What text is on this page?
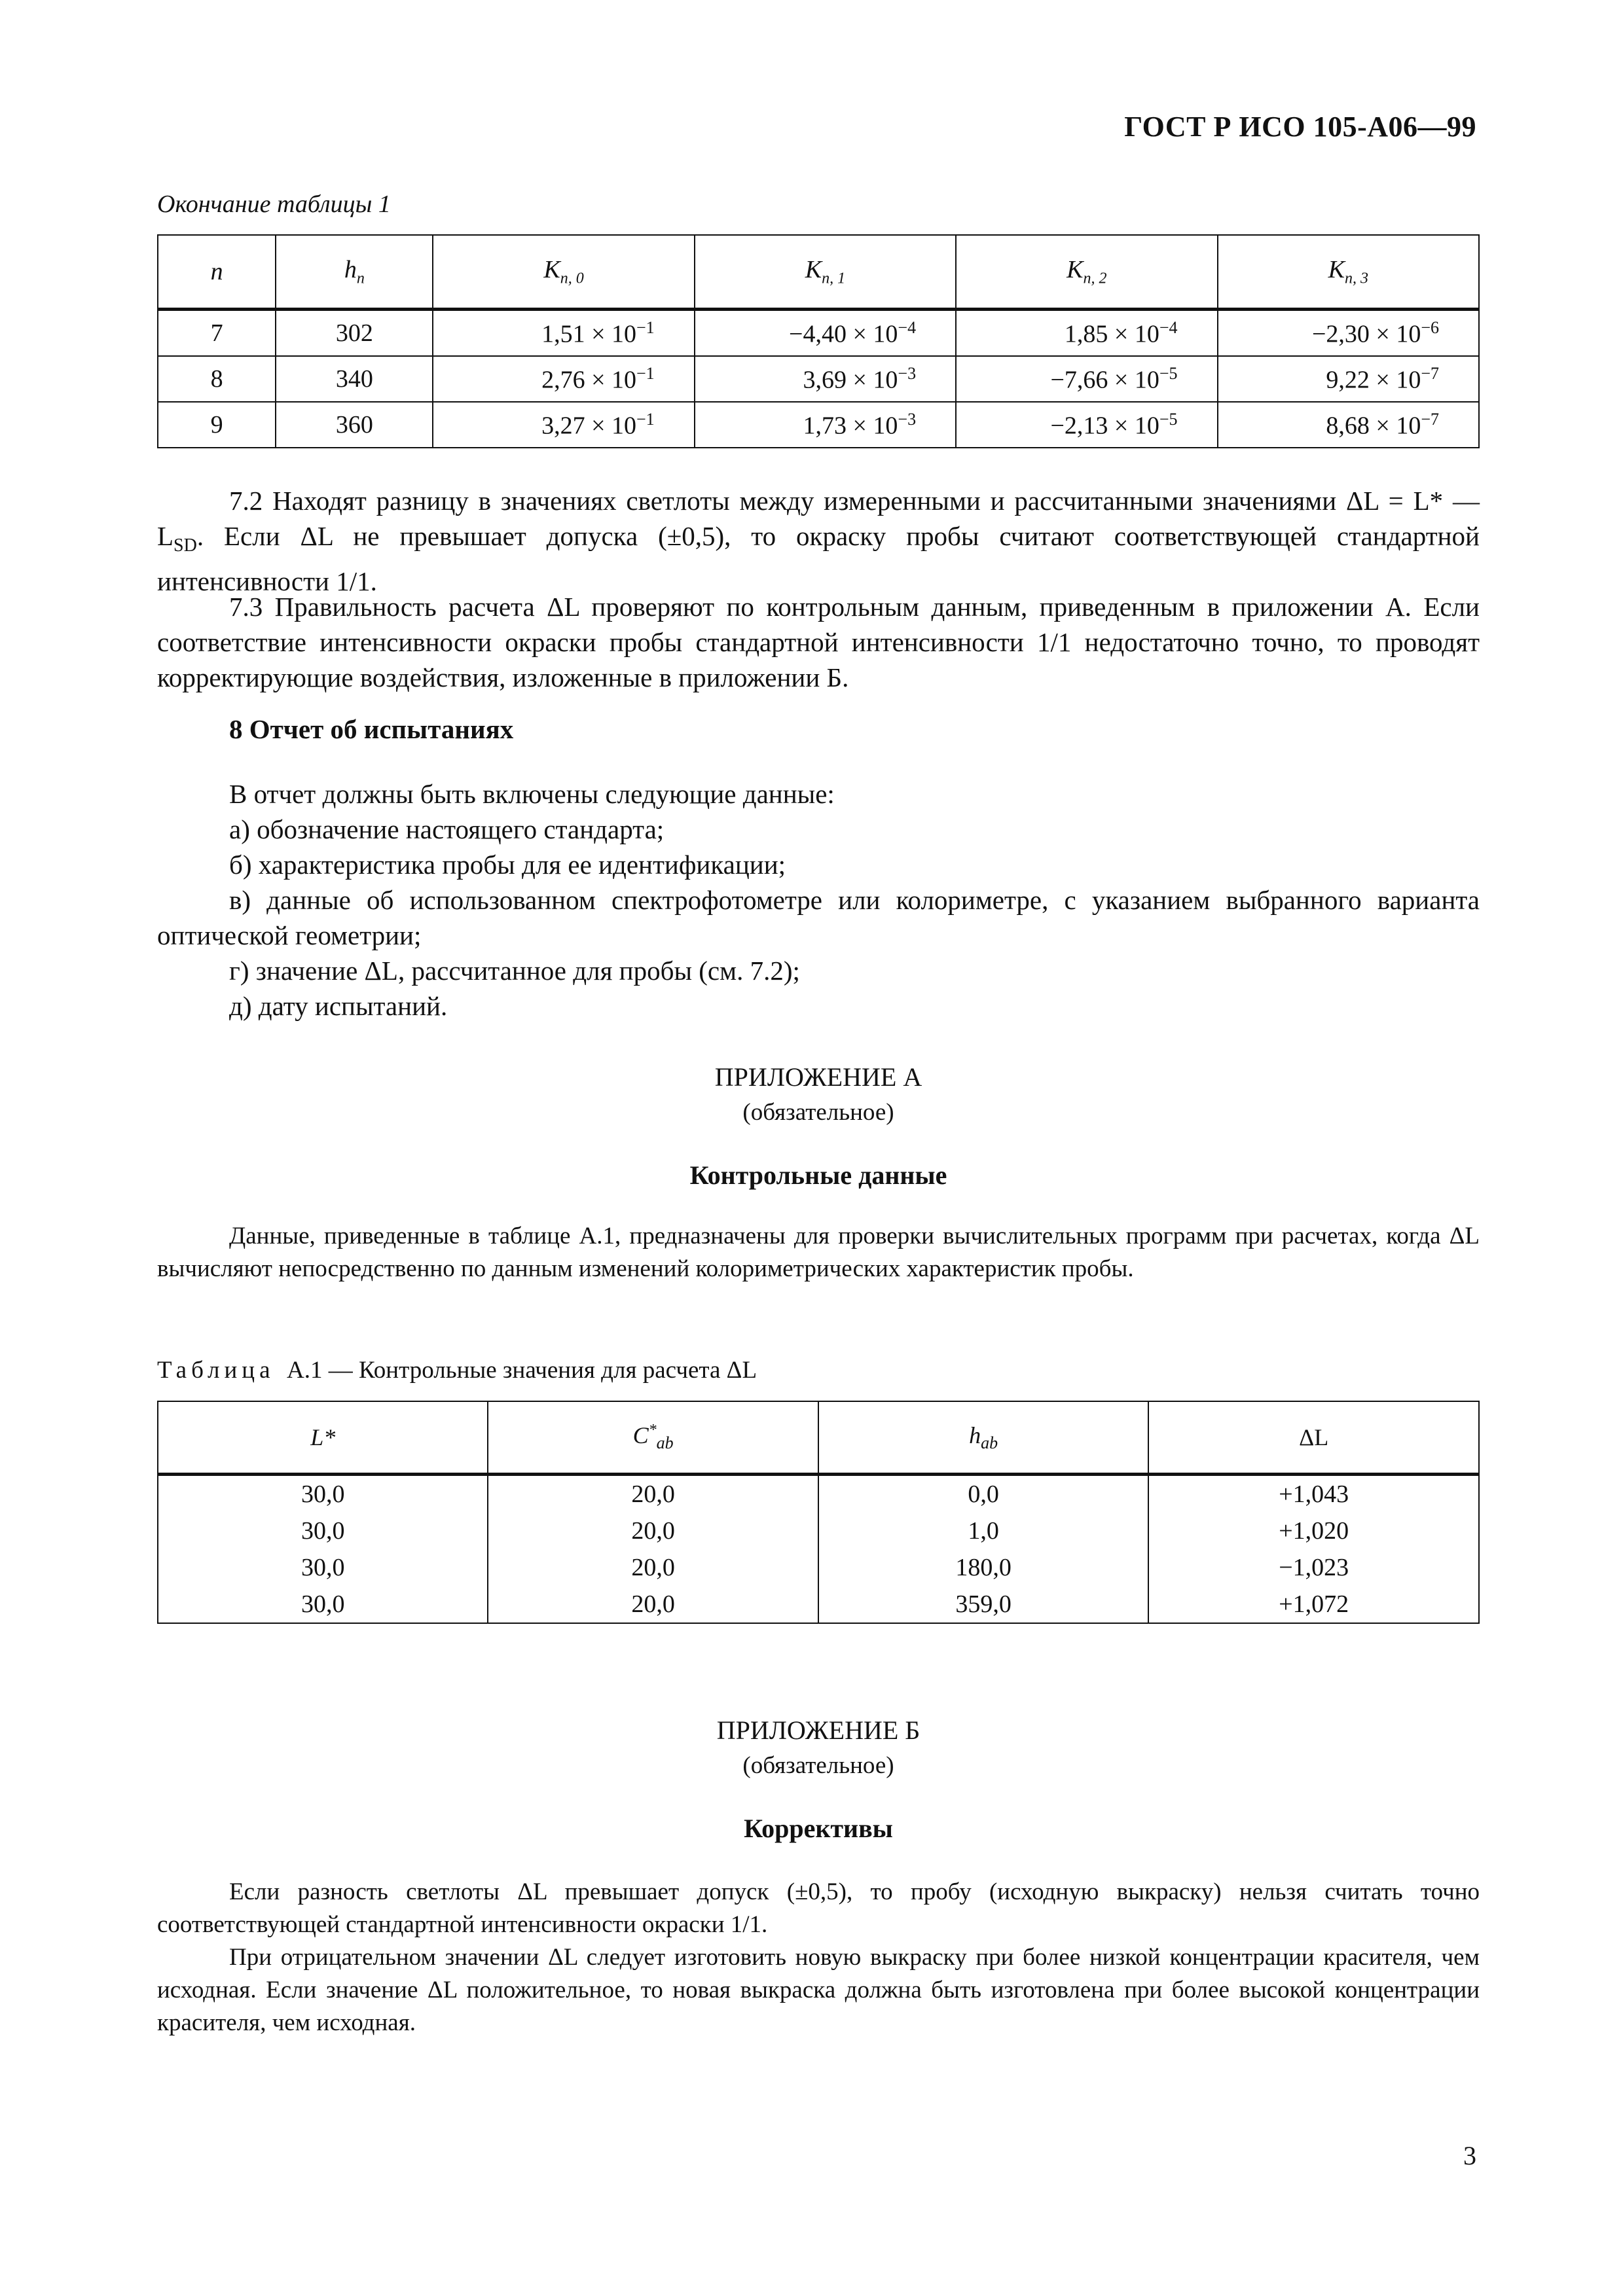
ГОСТ Р ИСО 105-А06—99
Окончание таблицы 1
n	$h_n$	$K_{n, 0}$	$K_{n, 1}$	$K_{n, 2}$	$K_{n, 3}$
7	302	$1,51 \times 10^{-1}$	$-4,40 \times 10^{-4}$	$1,85 \times 10^{-4}$	$-2,30 \times 10^{-6}$
8	340	$2,76 \times 10^{-1}$	$3,69 \times 10^{-3}$	$-7,66 \times 10^{-5}$	$9,22 \times 10^{-7}$
9	360	$3,27 \times 10^{-1}$	$1,73 \times 10^{-3}$	$-2,13 \times 10^{-5}$	$8,68 \times 10^{-7}$
7.2 Находят разницу в значениях светлоты между измеренными и рассчитанными значениями ΔL = L* — $L_{SD}$. Если ΔL не превышает допуска (±0,5), то окраску пробы считают соответствующей стандартной интенсивности 1/1.
7.3 Правильность расчета ΔL проверяют по контрольным данным, приведенным в приложении А. Если соответствие интенсивности окраски пробы стандартной интенсивности 1/1 недостаточно точно, то проводят корректирующие воздействия, изложенные в приложении Б.
8 Отчет об испытаниях
В отчет должны быть включены следующие данные:
а) обозначение настоящего стандарта;
б) характеристика пробы для ее идентификации;
в) данные об использованном спектрофотометре или колориметре, с указанием выбранного варианта оптической геометрии;
г) значение ΔL, рассчитанное для пробы (см. 7.2);
д) дату испытаний.
ПРИЛОЖЕНИЕ А
(обязательное)
Контрольные данные
Данные, приведенные в таблице А.1, предназначены для проверки вычислительных программ при расчетах, когда ΔL вычисляют непосредственно по данным изменений колориметрических характеристик пробы.
Таблица А.1 — Контрольные значения для расчета ΔL
L*	$C^*_{ab}$	$h_{ab}$	ΔL
30,0	20,0	0,0	+1,043
30,0	20,0	1,0	+1,020
30,0	20,0	180,0	−1,023
30,0	20,0	359,0	+1,072
ПРИЛОЖЕНИЕ Б
(обязательное)
Коррективы
Если разность светлоты ΔL превышает допуск (±0,5), то пробу (исходную выкраску) нельзя считать точно соответствующей стандартной интенсивности окраски 1/1.
При отрицательном значении ΔL следует изготовить новую выкраску при более низкой концентрации красителя, чем исходная. Если значение ΔL положительное, то новая выкраска должна быть изготовлена при более высокой концентрации красителя, чем исходная.
3
